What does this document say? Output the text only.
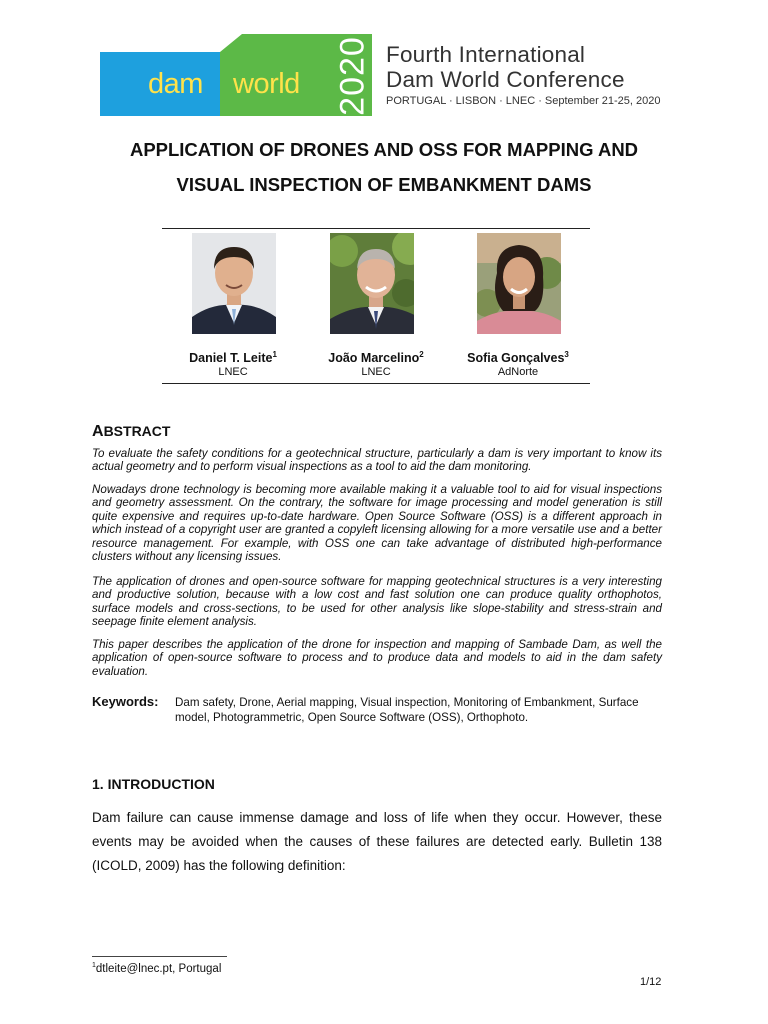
dam world 2020 Fourth International
Dam World Conference
PORTUGAL · LISBON · LNEC · September 21-25, 2020
APPLICATION OF DRONES AND OSS FOR MAPPING AND
VISUAL INSPECTION OF EMBANKMENT DAMS
Daniel T. Leite$^1$
LNEC
João Marcelino$^2$
LNEC
Sofia Gonçalves$^3$
AdNorte
ABSTRACT
To evaluate the safety conditions for a geotechnical structure, particularly a dam is very important to know its actual geometry and to perform visual inspections as a tool to aid the dam monitoring.
Nowadays drone technology is becoming more available making it a valuable tool to aid for visual inspections and geometry assessment. On the contrary, the software for image processing and model generation is still quite expensive and requires up-to-date hardware. Open Source Software (OSS) is a different approach in which instead of a copyright user are granted a copyleft licensing allowing for a more versatile use and a better resource management. For example, with OSS one can take advantage of distributed high-performance clusters without any licensing issues.
The application of drones and open-source software for mapping geotechnical structures is a very interesting and productive solution, because with a low cost and fast solution one can produce quality orthophotos, surface models and cross-sections, to be used for other analysis like slope-stability and stress-strain and seepage finite element analysis.
This paper describes the application of the drone for inspection and mapping of Sambade Dam, as well the application of open-source software to process and to produce data and models to aid in the dam safety evaluation.
Keywords: Dam safety, Drone, Aerial mapping, Visual inspection, Monitoring of Embankment, Surface model, Photogrammetric, Open Source Software (OSS), Orthophoto.
1. INTRODUCTION
Dam failure can cause immense damage and loss of life when they occur. However, these events may be avoided when the causes of these failures are detected early. Bulletin 138 (ICOLD, 2009) has the following definition:
$^1$dtleite@lnec.pt, Portugal
1/12
